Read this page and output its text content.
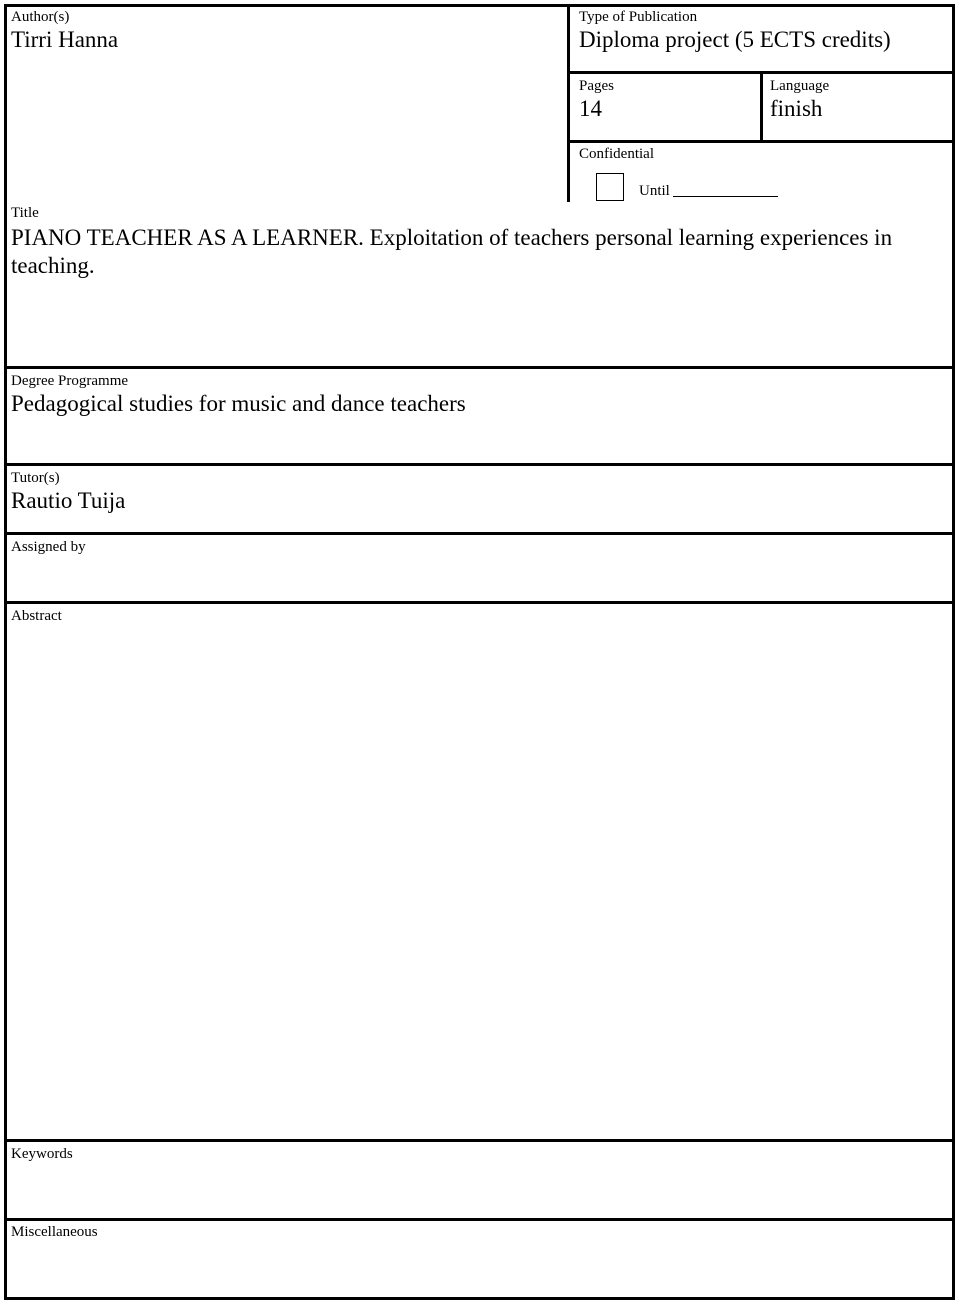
Author(s)
Tirri Hanna
Type of Publication
Diploma project (5 ECTS credits)
Pages
14
Language
finish
Confidential
Until
Title
PIANO TEACHER AS A LEARNER. Exploitation of teachers personal learning experiences in teaching.
Degree Programme
Pedagogical studies for music and dance teachers
Tutor(s)
Rautio Tuija
Assigned by
Abstract
Keywords
Miscellaneous
